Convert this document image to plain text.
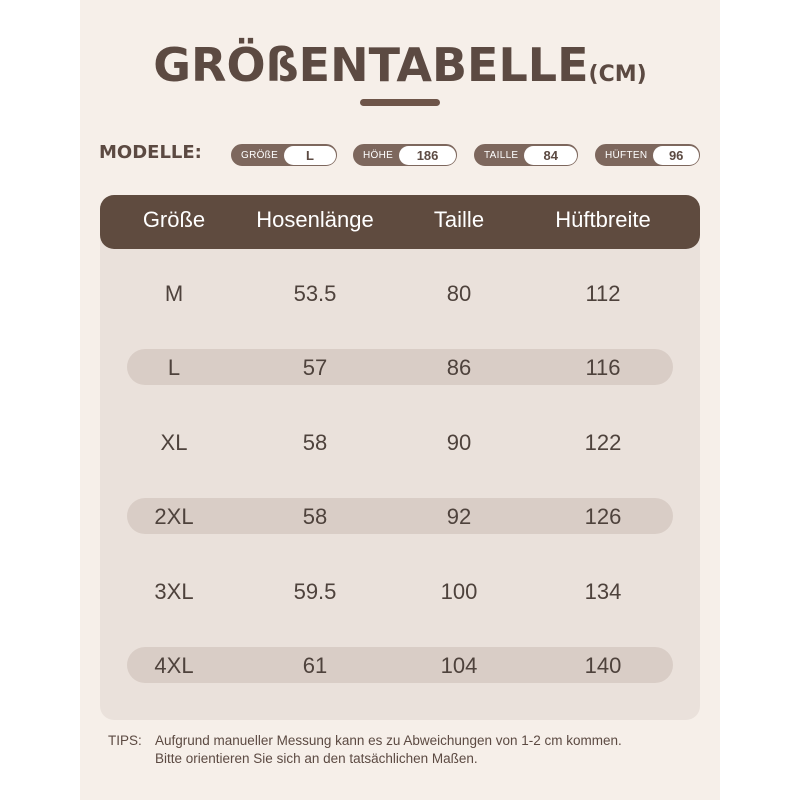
GRÖßENTABELLE(CM)
MODELLE:	GRÖßE	L	HÖHE	186	TAILLE	84	HÜFTEN	96
Größe	Hosenlänge	Taille	Hüftbreite
M	53.5	80	112
L	57	86	116
XL	58	90	122
2XL	58	92	126
3XL	59.5	100	134
4XL	61	104	140
TIPS: Aufgrund manueller Messung kann es zu Abweichungen von 1-2 cm kommen.
Bitte orientieren Sie sich an den tatsächlichen Maßen.
